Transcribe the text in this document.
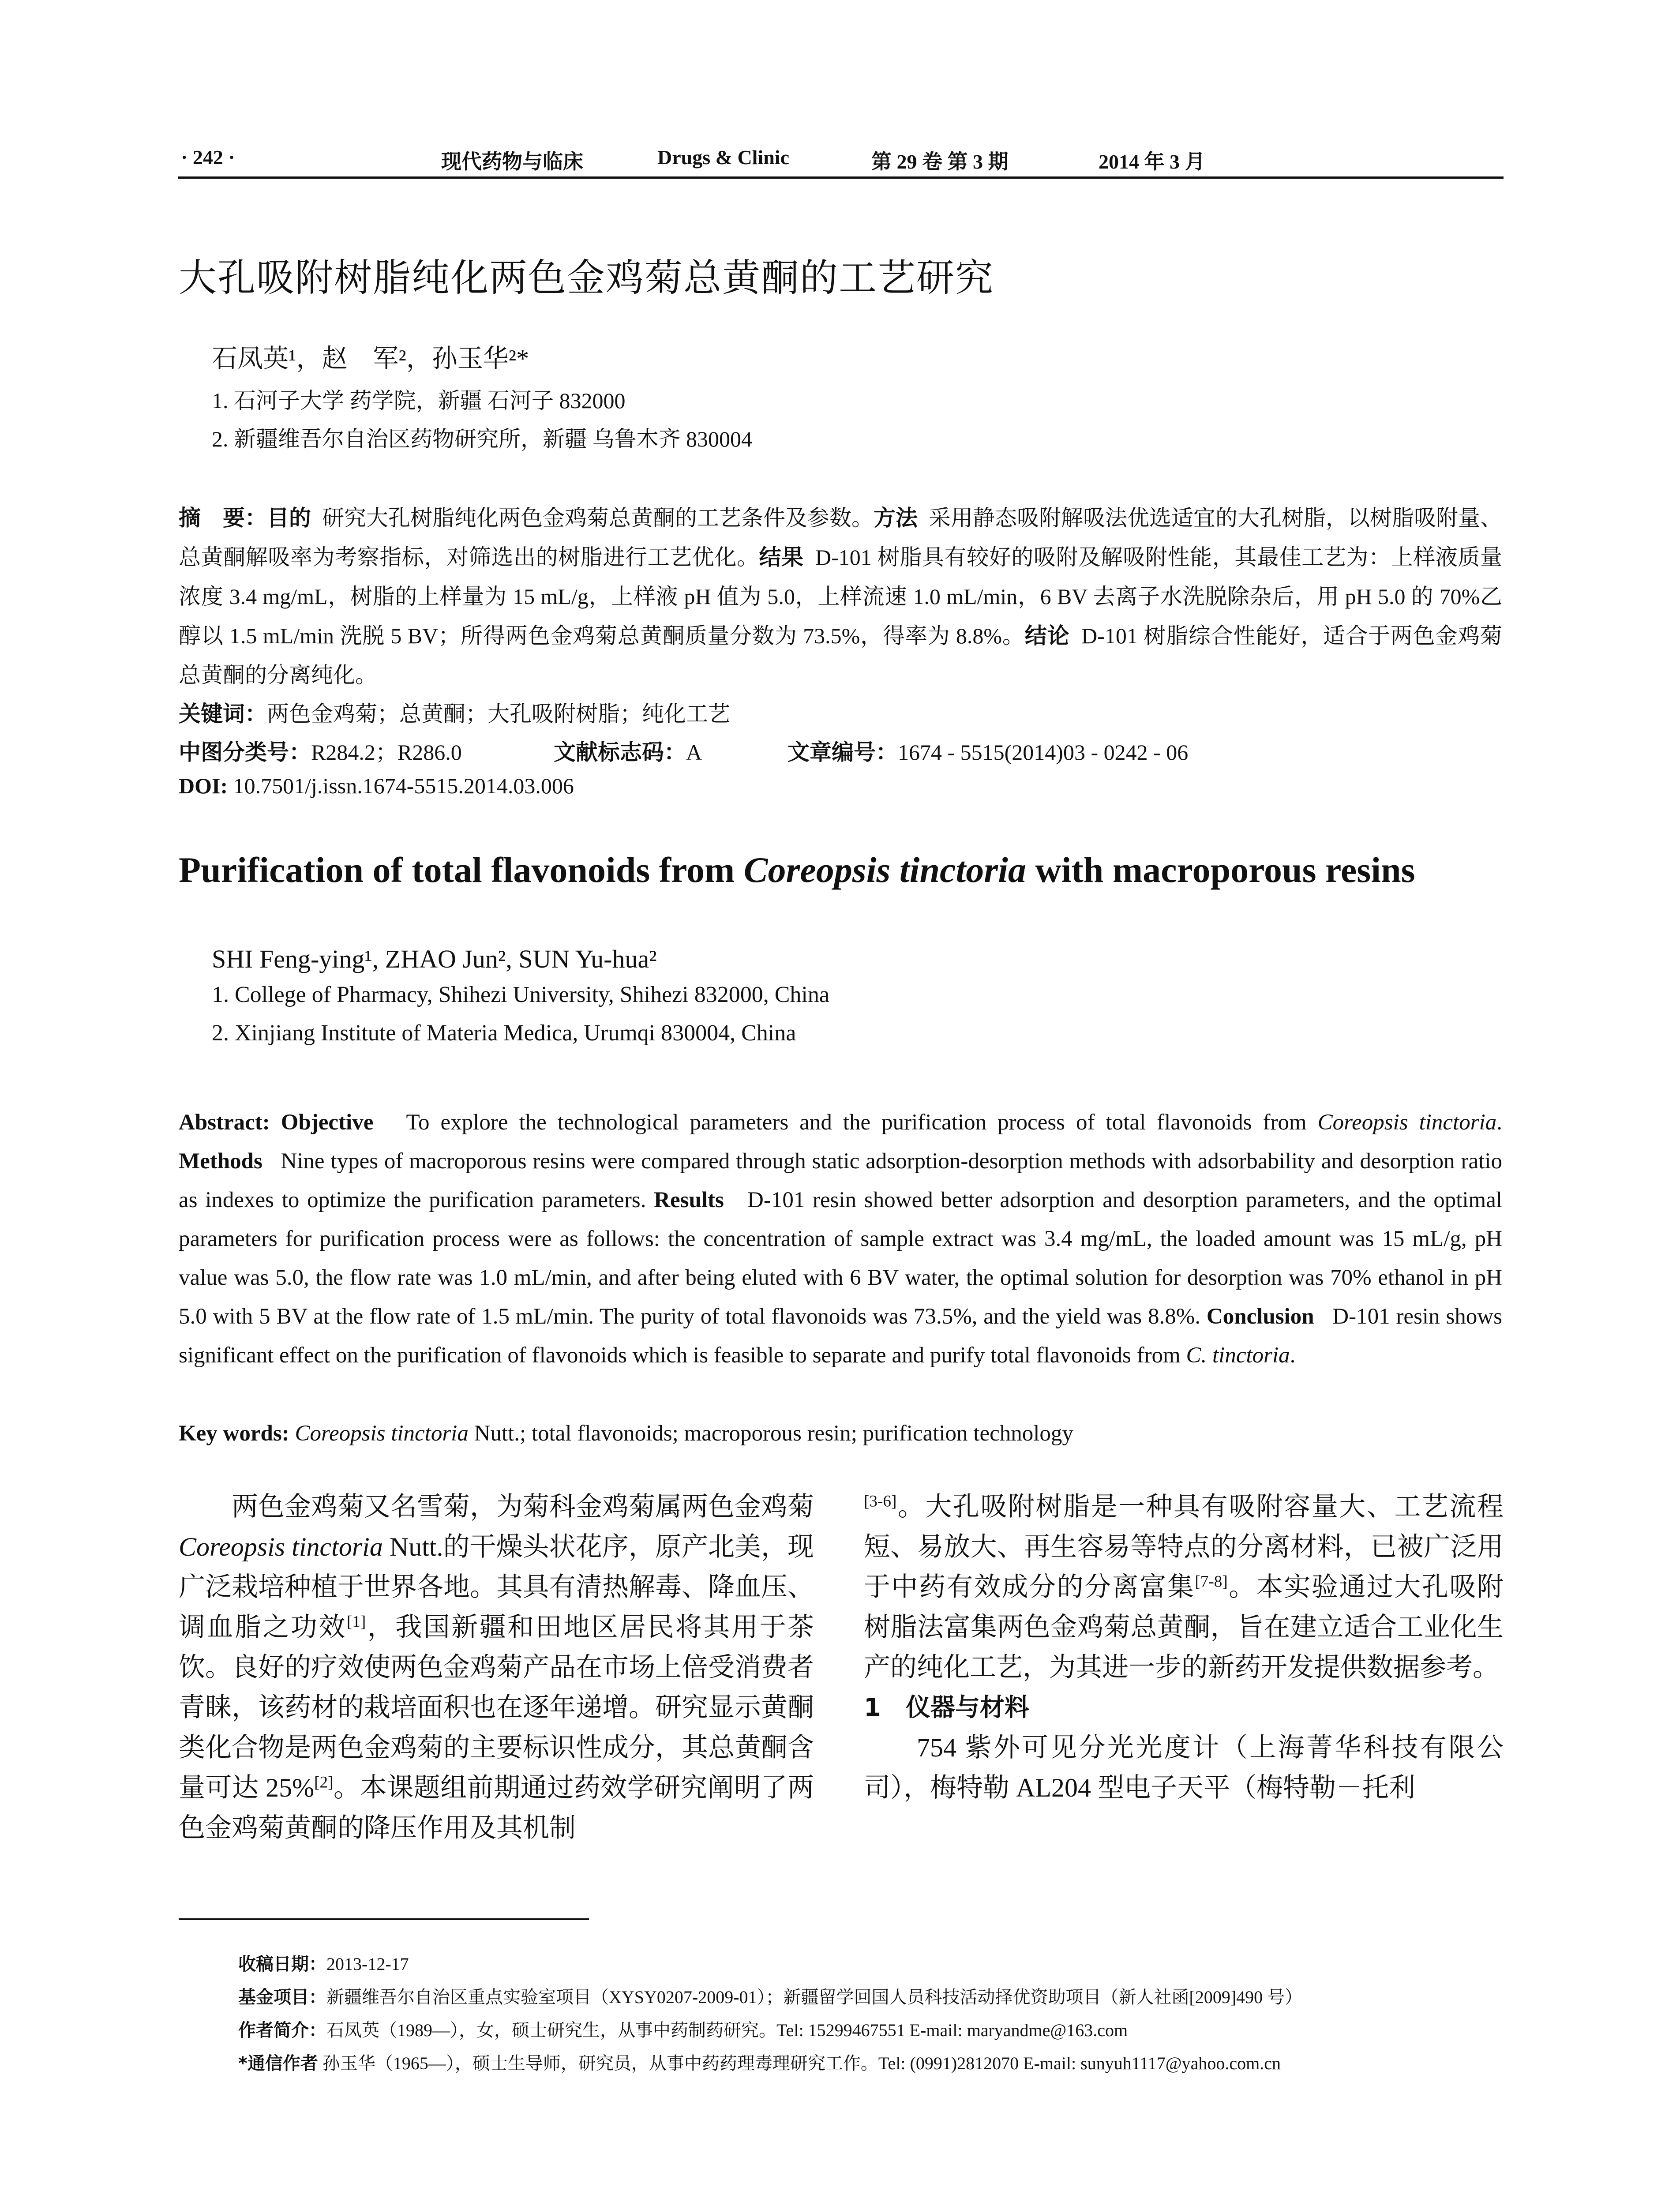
· 242 ·	现代药物与临床	Drugs & Clinic	第 29 卷 第 3 期	2014 年 3 月
大孔吸附树脂纯化两色金鸡菊总黄酮的工艺研究
石凤英¹，赵　军²，孙玉华²*
1. 石河子大学 药学院，新疆 石河子 832000
2. 新疆维吾尔自治区药物研究所，新疆 乌鲁木齐 830004
摘　要：目的 研究大孔树脂纯化两色金鸡菊总黄酮的工艺条件及参数。方法 采用静态吸附解吸法优选适宜的大孔树脂，以树脂吸附量、总黄酮解吸率为考察指标，对筛选出的树脂进行工艺优化。结果 D-101 树脂具有较好的吸附及解吸附性能，其最佳工艺为：上样液质量浓度 3.4 mg/mL，树脂的上样量为 15 mL/g，上样液 pH 值为 5.0，上样流速 1.0 mL/min，6 BV 去离子水洗脱除杂后，用 pH 5.0 的 70%乙醇以 1.5 mL/min 洗脱 5 BV；所得两色金鸡菊总黄酮质量分数为 73.5%，得率为 8.8%。结论 D-101 树脂综合性能好，适合于两色金鸡菊总黄酮的分离纯化。
关键词：两色金鸡菊；总黄酮；大孔吸附树脂；纯化工艺
中图分类号：R284.2；R286.0	文献标志码：A	文章编号：1674 - 5515(2014)03 - 0242 - 06
DOI: 10.7501/j.issn.1674-5515.2014.03.006
Purification of total flavonoids from Coreopsis tinctoria with macroporous resins
SHI Feng-ying¹, ZHAO Jun², SUN Yu-hua²
1. College of Pharmacy, Shihezi University, Shihezi 832000, China
2. Xinjiang Institute of Materia Medica, Urumqi 830004, China
Abstract: Objective To explore the technological parameters and the purification process of total flavonoids from Coreopsis tinctoria. Methods Nine types of macroporous resins were compared through static adsorption-desorption methods with adsorbability and desorption ratio as indexes to optimize the purification parameters. Results D-101 resin showed better adsorption and desorption parameters, and the optimal parameters for purification process were as follows: the concentration of sample extract was 3.4 mg/mL, the loaded amount was 15 mL/g, pH value was 5.0, the flow rate was 1.0 mL/min, and after being eluted with 6 BV water, the optimal solution for desorption was 70% ethanol in pH 5.0 with 5 BV at the flow rate of 1.5 mL/min. The purity of total flavonoids was 73.5%, and the yield was 8.8%. Conclusion D-101 resin shows significant effect on the purification of flavonoids which is feasible to separate and purify total flavonoids from C. tinctoria.
Key words: Coreopsis tinctoria Nutt.; total flavonoids; macroporous resin; purification technology
两色金鸡菊又名雪菊，为菊科金鸡菊属两色金鸡菊 Coreopsis tinctoria Nutt.的干燥头状花序，原产北美，现广泛栽培种植于世界各地。其具有清热解毒、降血压、调血脂之功效[1]，我国新疆和田地区居民将其用于茶饮。良好的疗效使两色金鸡菊产品在市场上倍受消费者青睐，该药材的栽培面积也在逐年递增。研究显示黄酮类化合物是两色金鸡菊的主要标识性成分，其总黄酮含量可达 25%[2]。本课题组前期通过药效学研究阐明了两色金鸡菊黄酮的降压作用及其机制
[3-6]。大孔吸附树脂是一种具有吸附容量大、工艺流程短、易放大、再生容易等特点的分离材料，已被广泛用于中药有效成分的分离富集[7-8]。本实验通过大孔吸附树脂法富集两色金鸡菊总黄酮，旨在建立适合工业化生产的纯化工艺，为其进一步的新药开发提供数据参考。
1　仪器与材料
754 紫外可见分光光度计（上海菁华科技有限公司），梅特勒 AL204 型电子天平（梅特勒－托利
收稿日期：2013-12-17
基金项目：新疆维吾尔自治区重点实验室项目（XYSY0207-2009-01）；新疆留学回国人员科技活动择优资助项目（新人社函[2009]490 号）
作者简介：石凤英（1989—），女，硕士研究生，从事中药制药研究。Tel: 15299467551 E-mail: maryandme@163.com
*通信作者 孙玉华（1965—），硕士生导师，研究员，从事中药药理毒理研究工作。Tel: (0991)2812070 E-mail: sunyuh1117@yahoo.com.cn
